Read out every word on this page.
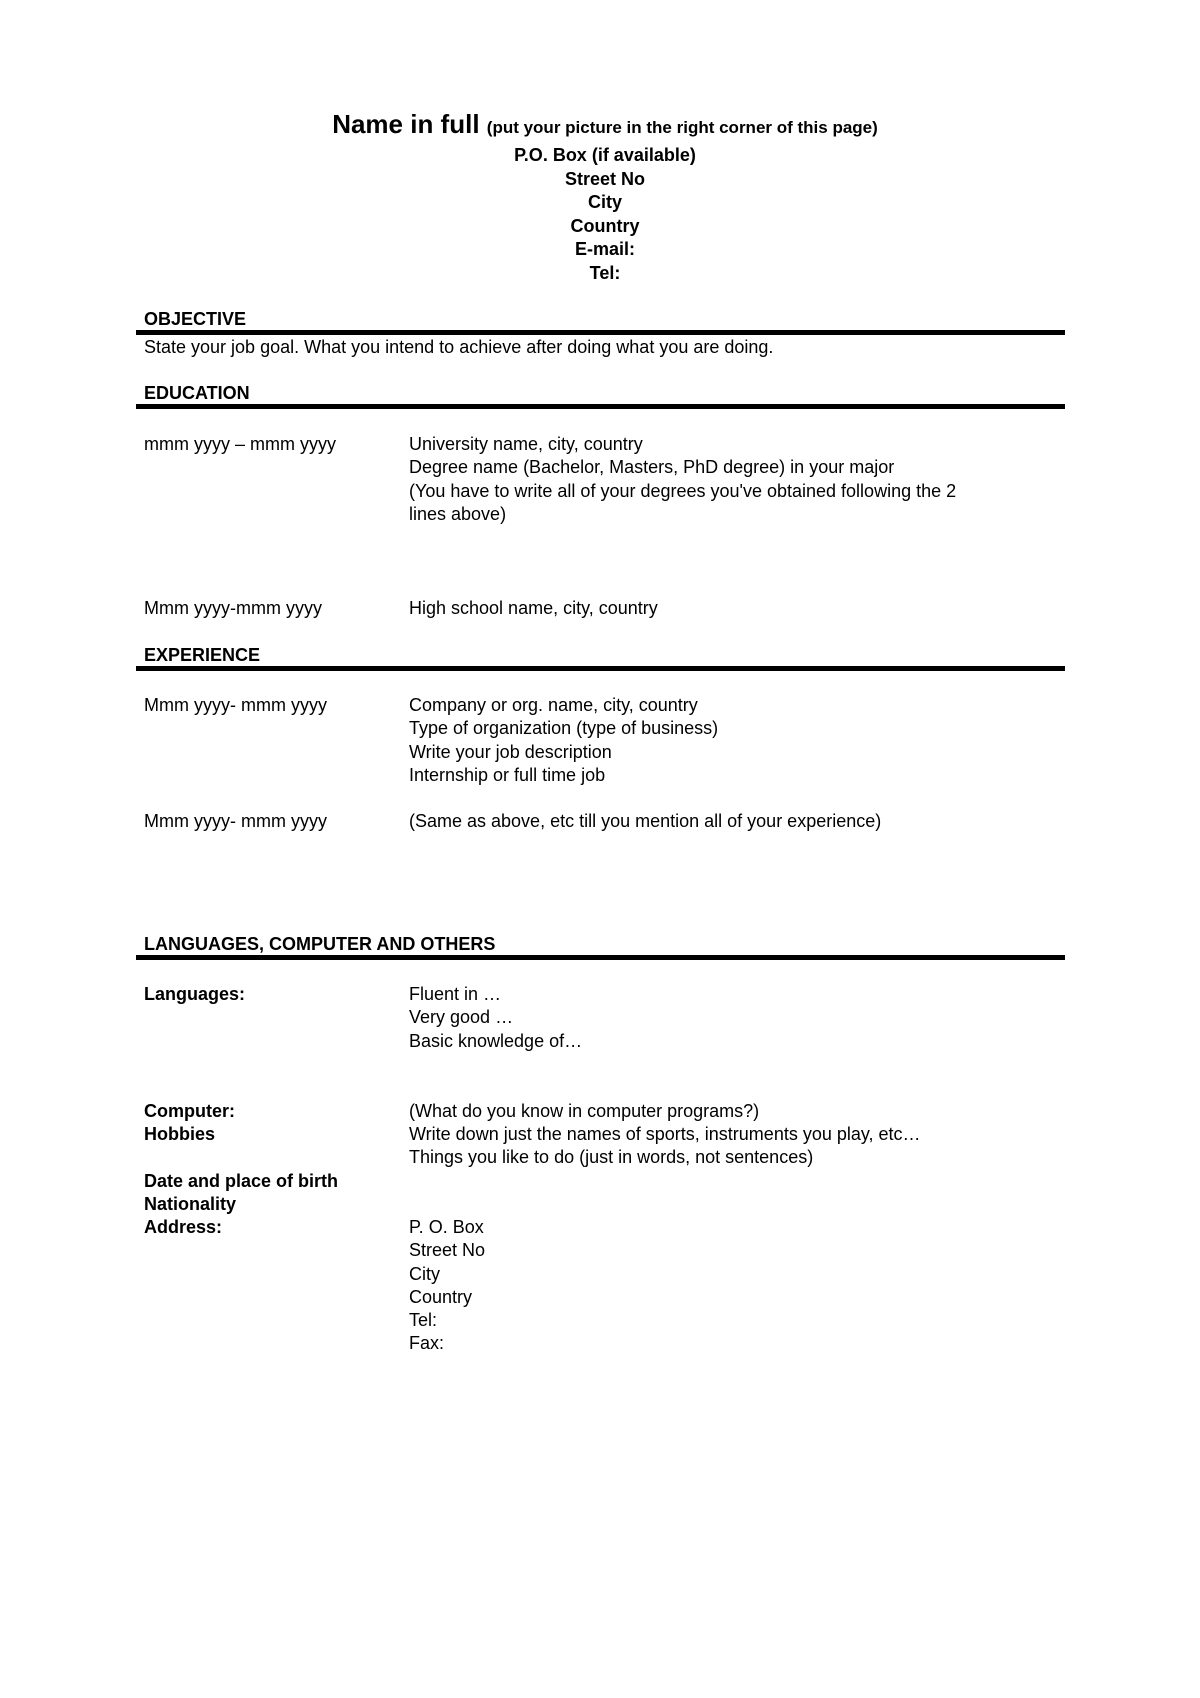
Name in full (put your picture in the right corner of this page)
P.O. Box (if available)
Street No
City
Country
E-mail:
Tel:
OBJECTIVE
State your job goal. What you intend to achieve after doing what you are doing.
EDUCATION
mmm yyyy – mmm yyyy	University name, city, country
Degree name (Bachelor, Masters, PhD degree) in your major
(You have to write all of your degrees you've obtained following the 2
lines above)
Mmm yyyy-mmm yyyy	High school name, city, country
EXPERIENCE
Mmm yyyy- mmm yyyy	Company or org. name, city, country
Type of organization (type of business)
Write your job description
Internship or full time job
Mmm yyyy- mmm yyyy	(Same as above, etc till you mention all of your experience)
LANGUAGES, COMPUTER AND OTHERS
Languages:	Fluent in …
Very good …
Basic knowledge of…
Computer:	(What do you know in computer programs?)
Hobbies	Write down just the names of sports, instruments you play, etc…
Things you like to do (just in words, not sentences)
Date and place of birth
Nationality
Address:	P. O. Box
Street No
City
Country
Tel:
Fax:
